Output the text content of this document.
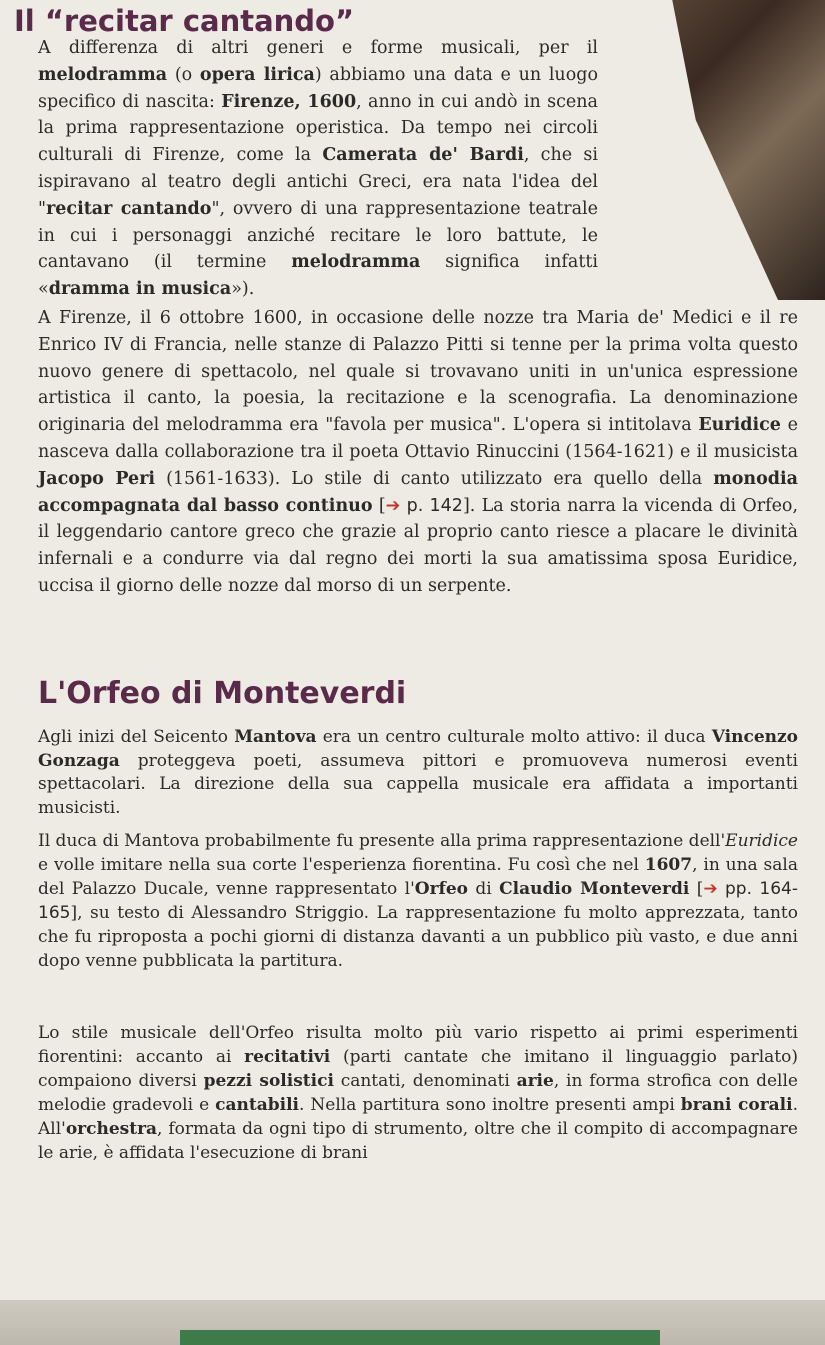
Il “recitar cantando”

A differenza di altri generi e forme musicali, per il melodramma (o opera lirica) abbiamo una data e un luogo specifico di nascita: Firenze, 1600, anno in cui andò in scena la prima rappresentazione operistica. Da tempo nei circoli culturali di Firenze, come la Camerata de' Bardi, che si ispiravano al teatro degli antichi Greci, era nata l'idea del "recitar cantando", ovvero di una rappresentazione teatrale in cui i personaggi anziché recitare le loro battute, le cantavano (il termine melodramma significa infatti «dramma in musica»).

A Firenze, il 6 ottobre 1600, in occasione delle nozze tra Maria de' Medici e il re Enrico IV di Francia, nelle stanze di Palazzo Pitti si tenne per la prima volta questo nuovo genere di spettacolo, nel quale si trovavano uniti in un'unica espressione artistica il canto, la poesia, la recitazione e la scenografia. La denominazione originaria del melodramma era "favola per musica". L'opera si intitolava Euridice e nasceva dalla collaborazione tra il poeta Ottavio Rinuccini (1564-1621) e il musicista Jacopo Peri (1561-1633). Lo stile di canto utilizzato era quello della monodia accompagnata dal basso continuo [➔ p. 142]. La storia narra la vicenda di Orfeo, il leggendario cantore greco che grazie al proprio canto riesce a placare le divinità infernali e a condurre via dal regno dei morti la sua amatissima sposa Euridice, uccisa il giorno delle nozze dal morso di un serpente.

L'Orfeo di Monteverdi

Agli inizi del Seicento Mantova era un centro culturale molto attivo: il duca Vincenzo Gonzaga proteggeva poeti, assumeva pittori e promuoveva numerosi eventi spettacolari. La direzione della sua cappella musicale era affidata a importanti musicisti.

Il duca di Mantova probabilmente fu presente alla prima rappresentazione dell'Euridice e volle imitare nella sua corte l'esperienza fiorentina. Fu così che nel 1607, in una sala del Palazzo Ducale, venne rappresentato l'Orfeo di Claudio Monteverdi [➔ pp. 164-165], su testo di Alessandro Striggio. La rappresentazione fu molto apprezzata, tanto che fu riproposta a pochi giorni di distanza davanti a un pubblico più vasto, e due anni dopo venne pubblicata la partitura.

Lo stile musicale dell'Orfeo risulta molto più vario rispetto ai primi esperimenti fiorentini: accanto ai recitativi (parti cantate che imitano il linguaggio parlato) compaiono diversi pezzi solistici cantati, denominati arie, in forma strofica con delle melodie gradevoli e cantabili. Nella partitura sono inoltre presenti ampi brani corali. All'orchestra, formata da ogni tipo di strumento, oltre che il compito di accompagnare le arie, è affidata l'esecuzione di brani
